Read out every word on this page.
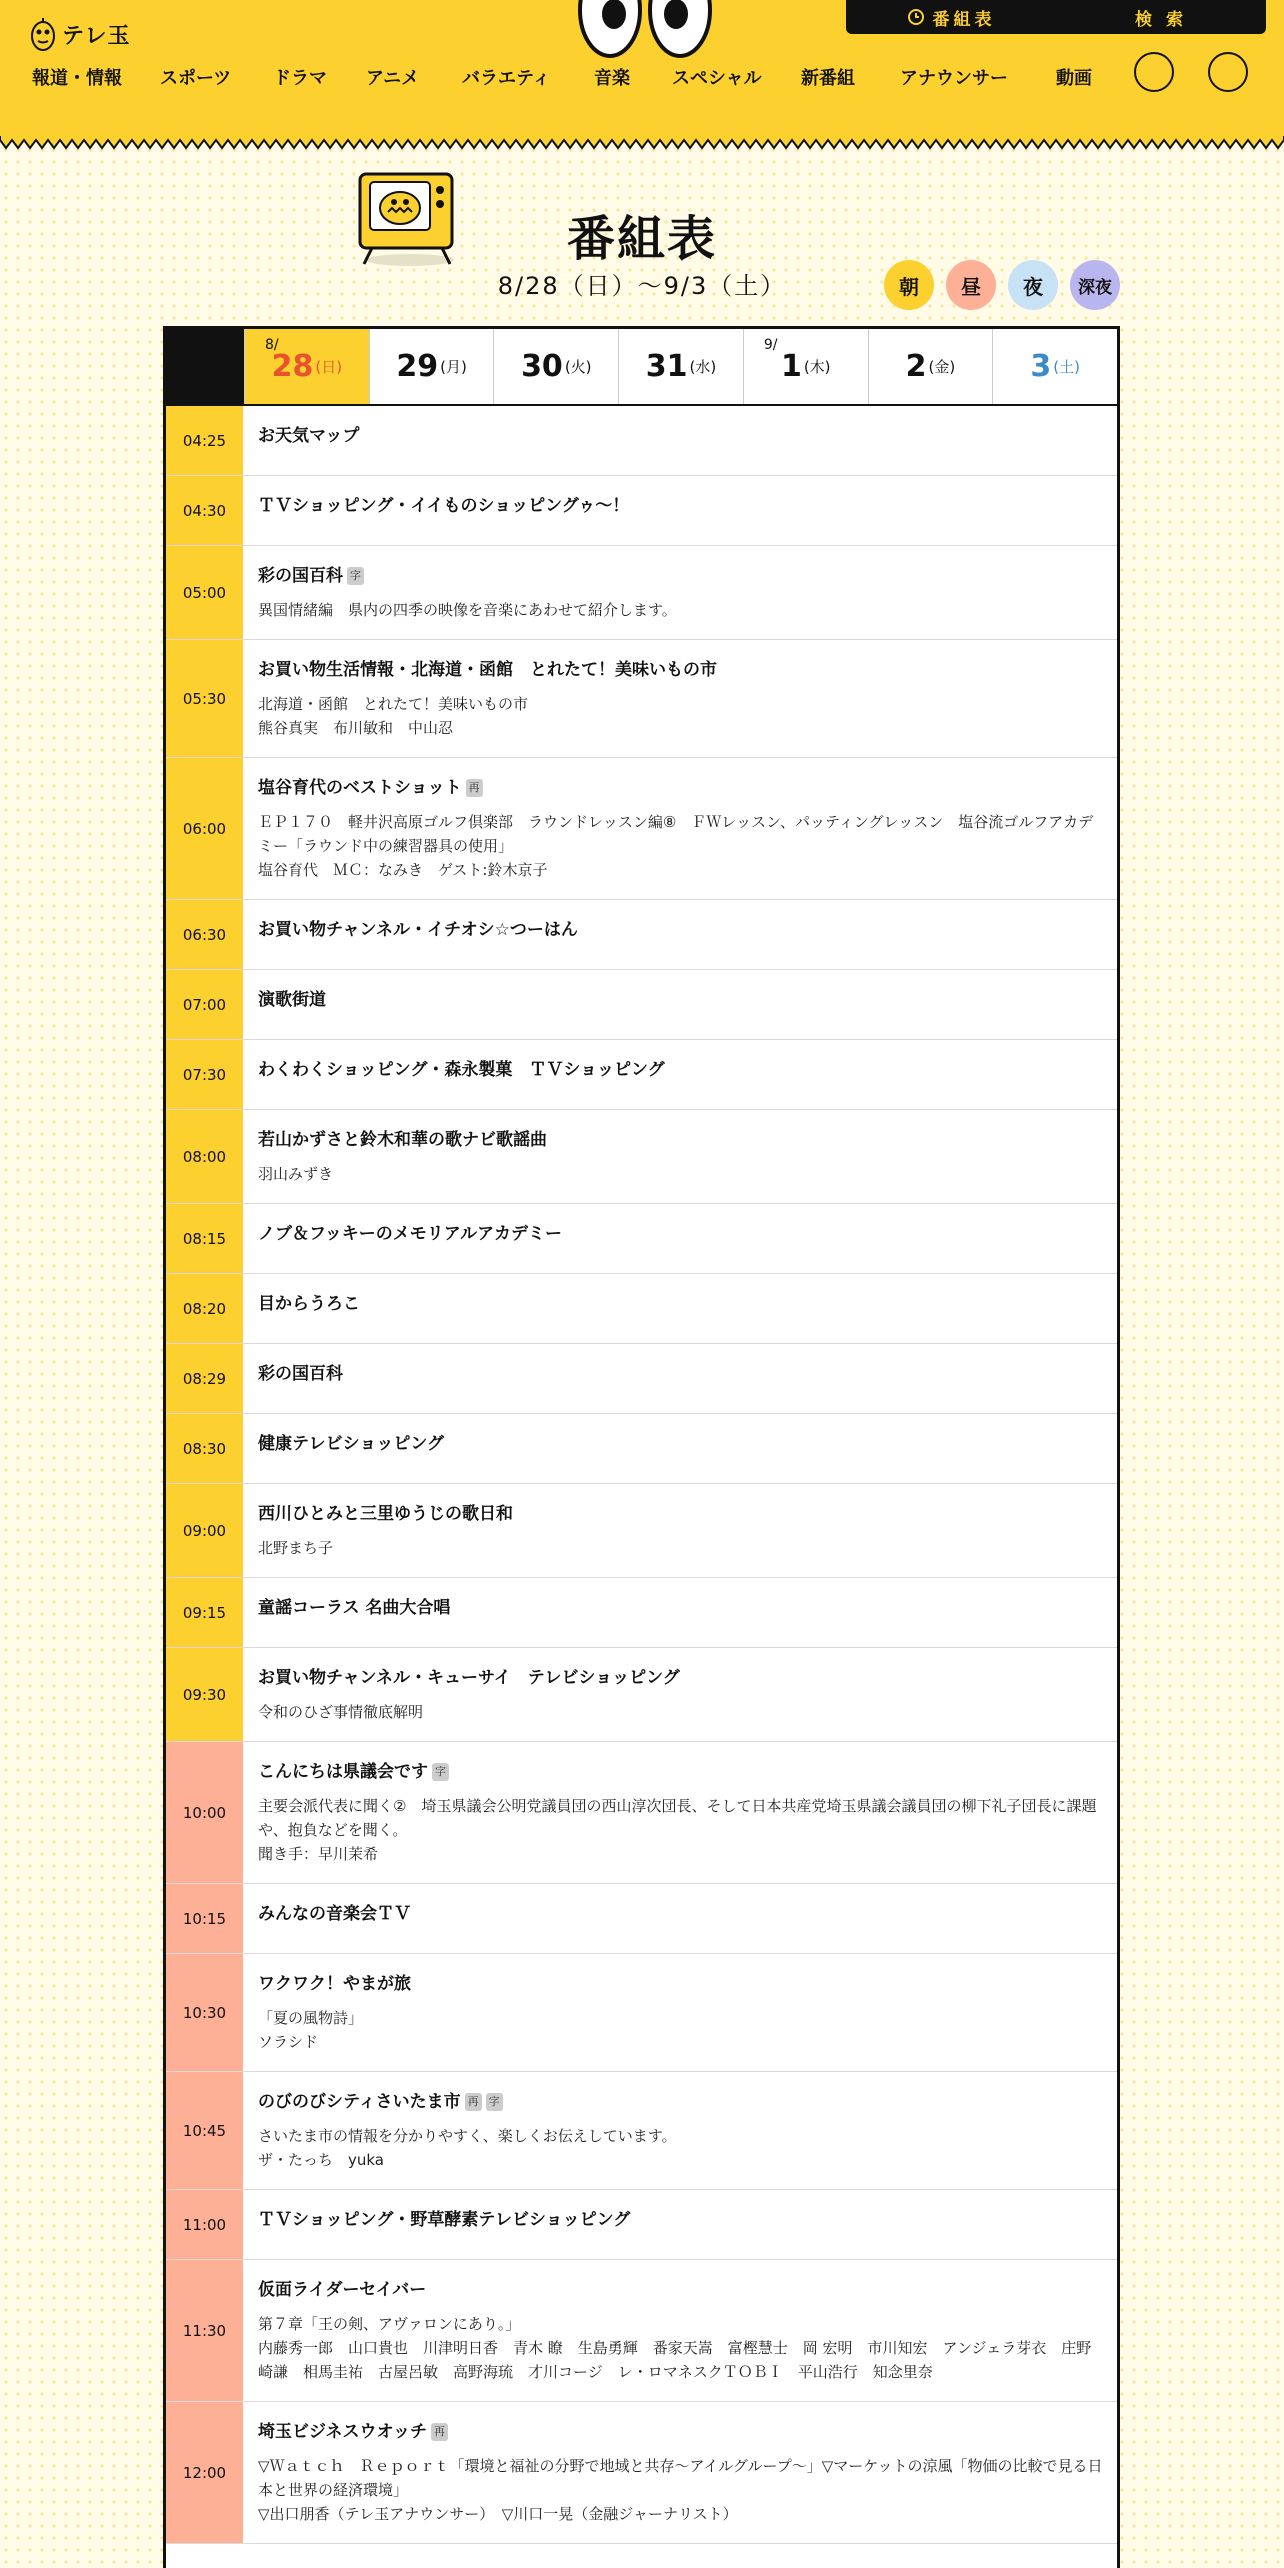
テレ玉
番組表	検 索
報道・情報 スポーツ ドラマ アニメ バラエティ 音楽 スペシャル 新番組	アナウンサー	動画
番組表
8/28（日）〜9/3（土）	朝 昼 夜 深夜
8/
28 (日) 29 (月) 30 (火) 31 (水)
9/
1 (木)	2 (金)	3 (土)
04:25	お天気マップ
04:30	ＴＶショッピング・イイものショッピングゥ～！
05:00
彩の国百科 字
異国情緒編　県内の四季の映像を音楽にあわせて紹介します。
05:30
お買い物生活情報・北海道・函館　とれたて！美味いもの市
北海道・函館　とれたて！美味いもの市
熊谷真実　布川敏和　中山忍
06:00
塩谷育代のベストショット 再
ＥＰ１７０　軽井沢高原ゴルフ倶楽部　ラウンドレッスン編⑧　ＦＷレッスン、パッティングレッスン　塩谷流ゴルフアカデミー「ラウンド中の練習器具の使用」
塩谷育代　ＭＣ：なみき　ゲスト:鈴木京子
06:30	お買い物チャンネル・イチオシ☆つーはん
07:00	演歌街道
07:30	わくわくショッピング・森永製菓　ＴＶショッピング
08:00
若山かずさと鈴木和華の歌ナビ歌謡曲
羽山みずき
08:15	ノブ＆フッキーのメモリアルアカデミー
08:20	目からうろこ
08:29	彩の国百科
08:30	健康テレビショッピング
09:00
西川ひとみと三里ゆうじの歌日和
北野まち子
09:15	童謡コーラス 名曲大合唱
09:30
お買い物チャンネル・キューサイ　テレビショッピング
令和のひざ事情徹底解明
10:00
こんにちは県議会です 字
主要会派代表に聞く②　埼玉県議会公明党議員団の西山淳次団長、そして日本共産党埼玉県議会議員団の柳下礼子団長に課題や、抱負などを聞く。
聞き手：早川茉希
10:15	みんなの音楽会ＴＶ
10:30
ワクワク！やまが旅
「夏の風物詩」
ソラシド
10:45
のびのびシティさいたま市 再 字
さいたま市の情報を分かりやすく、楽しくお伝えしています。
ザ・たっち　yuka
11:00	ＴＶショッピング・野草酵素テレビショッピング
11:30
仮面ライダーセイバー
第７章「王の剣、アヴァロンにあり。」
内藤秀一郎　山口貴也　川津明日香　青木 瞭　生島勇輝　番家天嵩　富樫慧士　岡 宏明　市川知宏　アンジェラ芽衣　庄野崎謙　相馬圭祐　古屋呂敏　高野海琉　才川コージ　レ・ロマネスクＴＯＢＩ　平山浩行　知念里奈
12:00
埼玉ビジネスウオッチ 再
▽Ｗａｔｃｈ　Ｒｅｐｏｒｔ「環境と福祉の分野で地域と共存～アイルグループ～」▽マーケットの涼風「物価の比較で見る日本と世界の経済環境」
▽出口朋香（テレ玉アナウンサー）　▽川口一晃（金融ジャーナリスト）
